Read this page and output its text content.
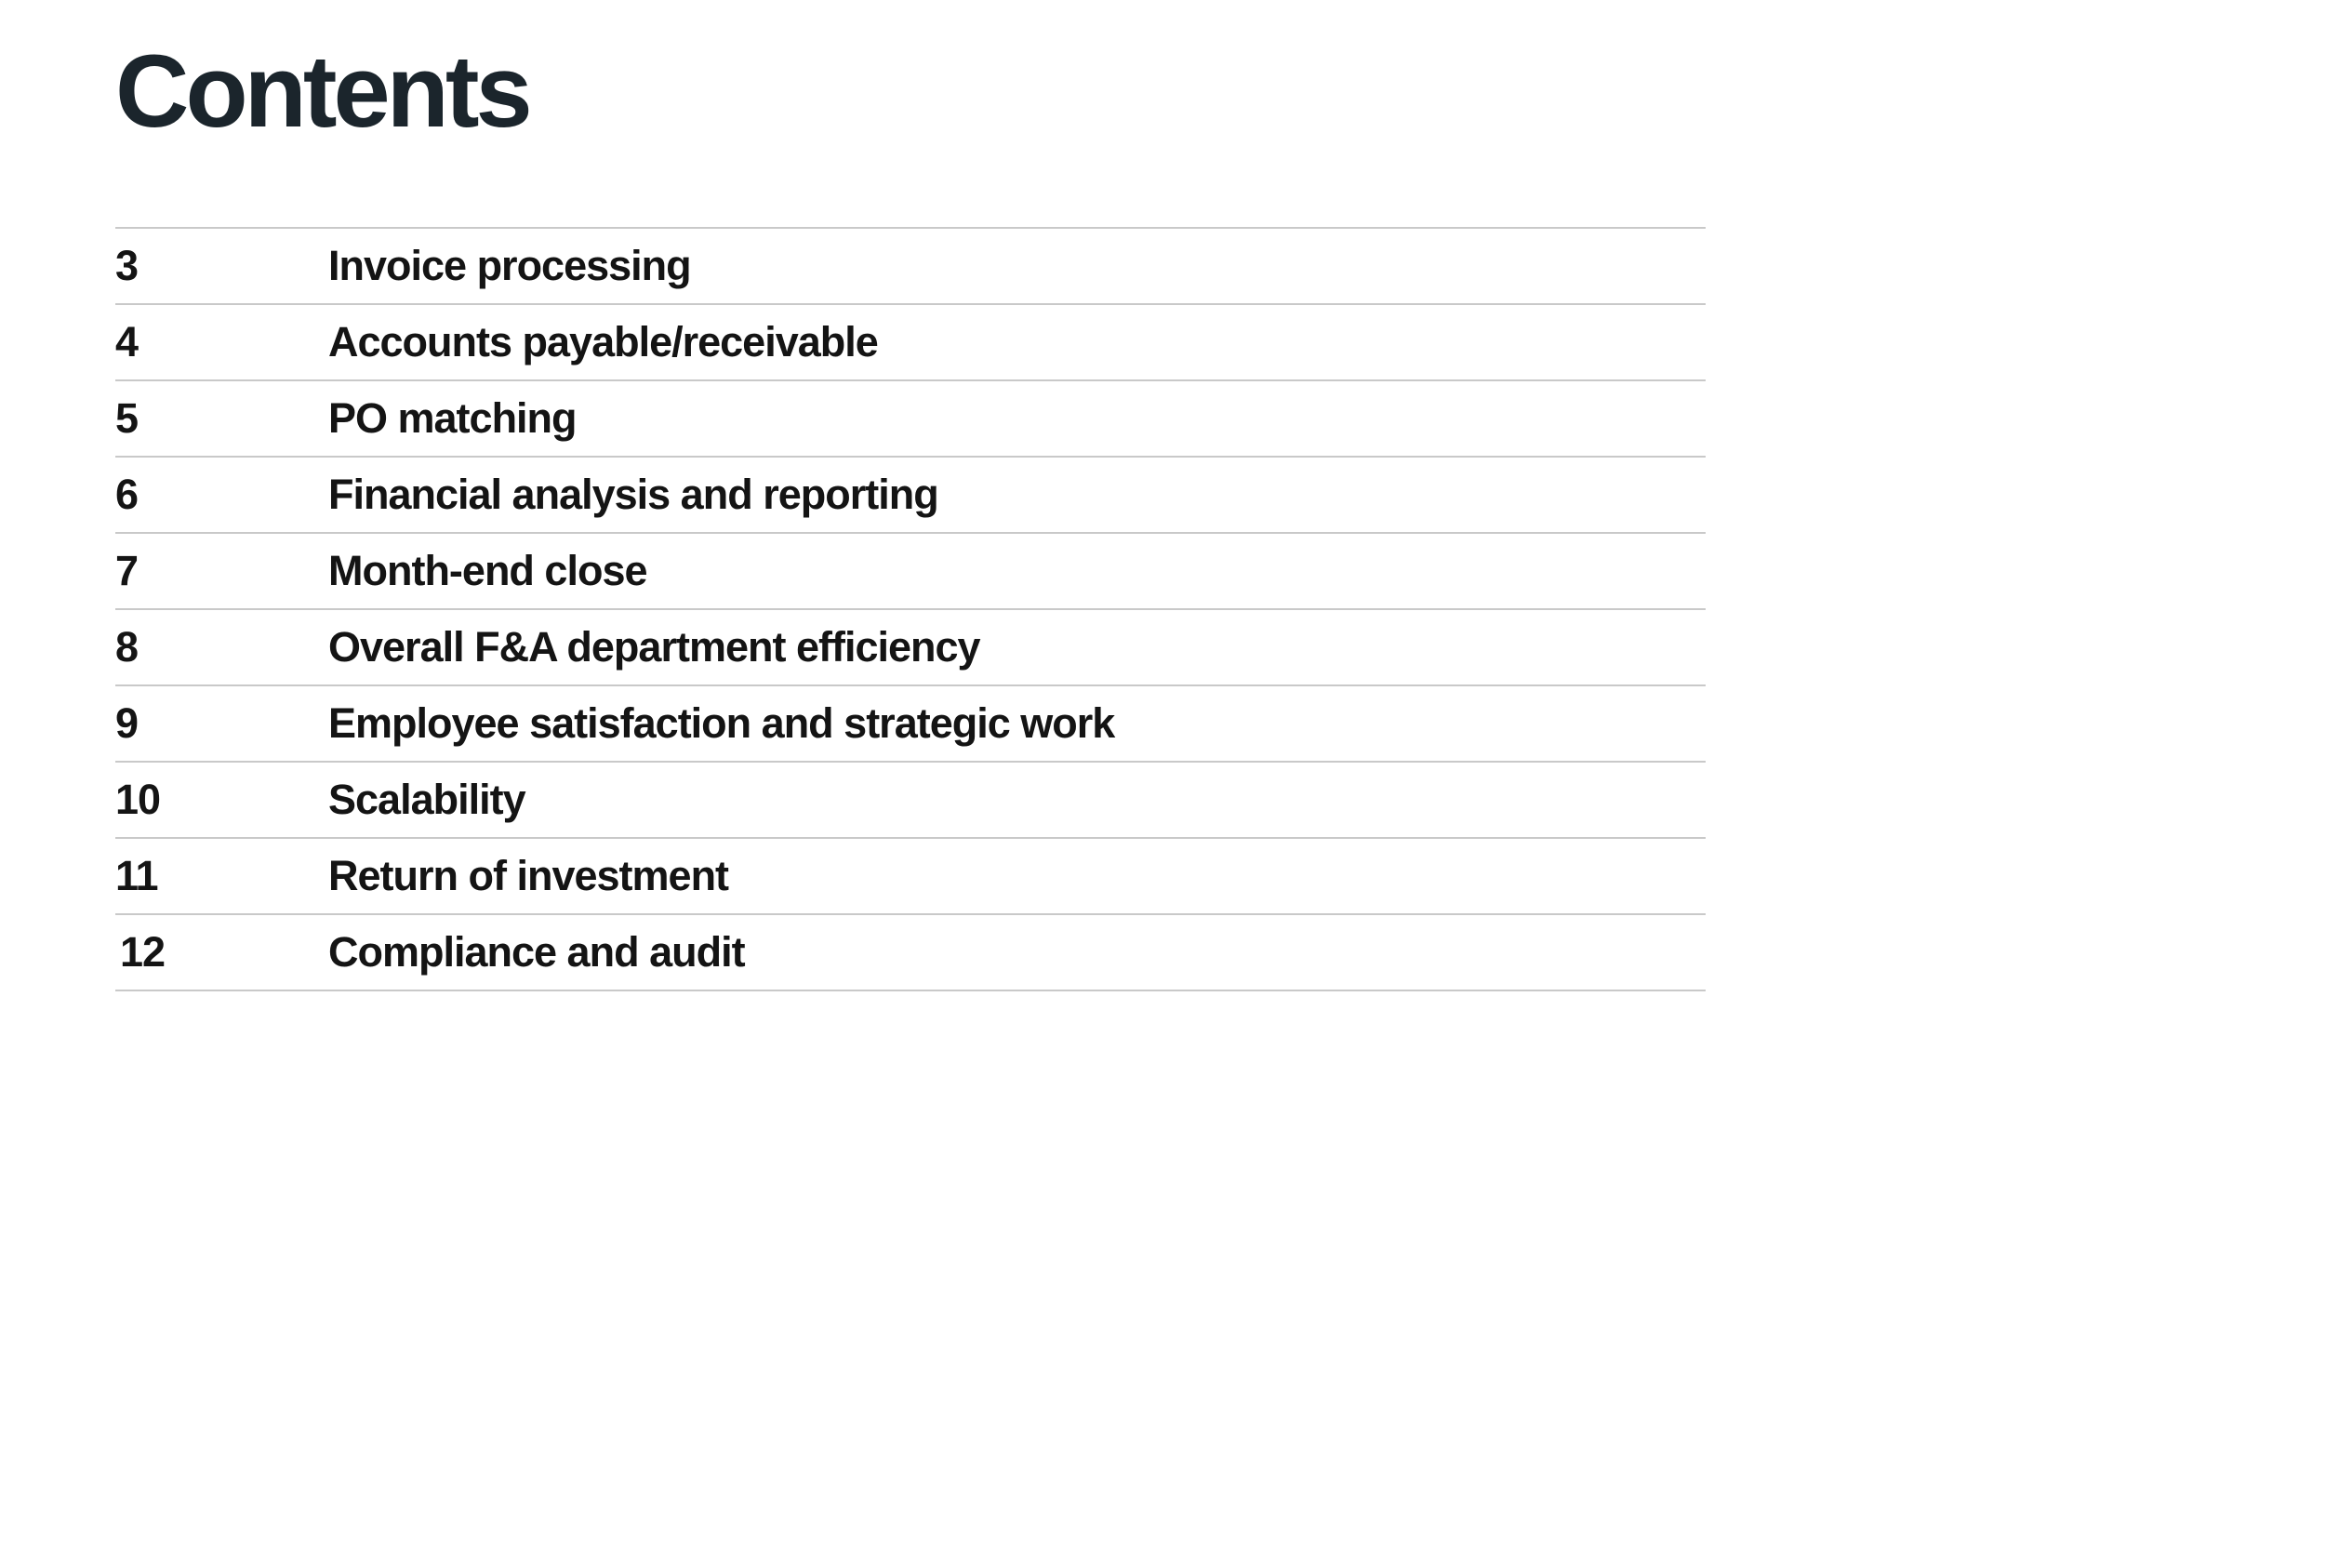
Contents
3	Invoice processing
4	Accounts payable/receivable
5	PO matching
6	Financial analysis and reporting
7	Month-end close
8	Overall F&A department efficiency
9	Employee satisfaction and strategic work
10	Scalability
11	Return of investment
12	Compliance and audit
